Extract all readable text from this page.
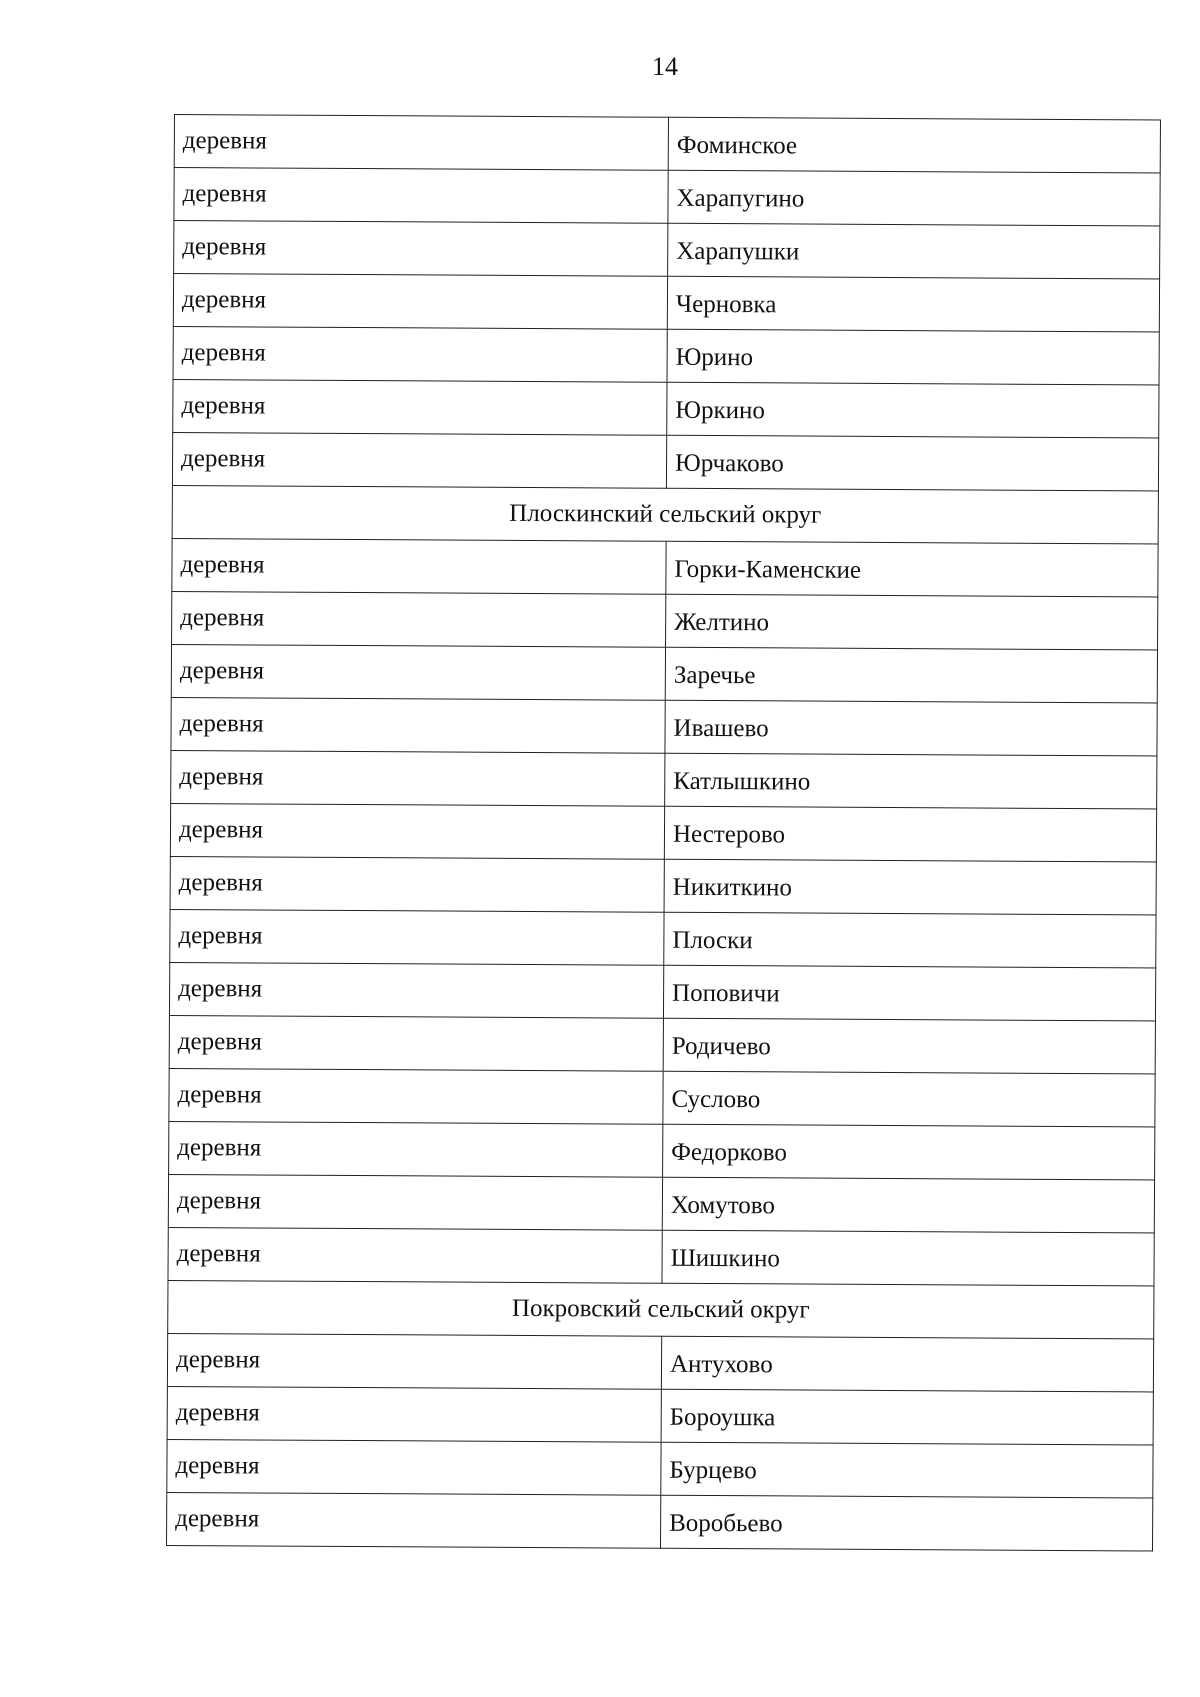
14
деревня	Фоминское
деревня	Харапугино
деревня	Харапушки
деревня	Черновка
деревня	Юрино
деревня	Юркино
деревня	Юрчаково
Плоскинский сельский округ	
деревня	Горки-Каменские
деревня	Желтино
деревня	Заречье
деревня	Ивашево
деревня	Катлышкино
деревня	Нестерово
деревня	Никиткино
деревня	Плоски
деревня	Поповичи
деревня	Родичево
деревня	Суслово
деревня	Федорково
деревня	Хомутово
деревня	Шишкино
Покровский сельский округ	
деревня	Антухово
деревня	Бороушка
деревня	Бурцево
деревня	Воробьево
